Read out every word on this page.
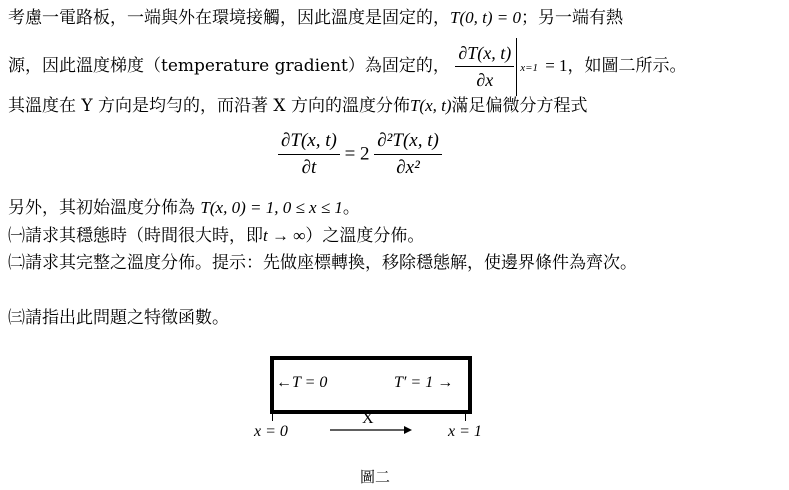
考慮一電路板，一端與外在環境接觸，因此溫度是固定的，T(0, t) = 0；另一端有熱
源，因此溫度梯度（temperature gradient）為固定的， $\frac{\partial T(x, t)}{\partial x} x=1 = 1$，如圖二所示。
其溫度在 Y 方向是均勻的，而沿著 X 方向的溫度分佈T(x, t)滿足偏微分方程式
$\frac{\partial T(x, t)}{\partial t} = 2 \frac{\text{∂²T(x, t)}}{\text{∂x²}}$
另外，其初始溫度分佈為 T(x, 0) = 1, 0 ≤ x ≤ 1。
㈠請求其穩態時（時間很大時，即t → ∞）之溫度分佈。
㈡請求其完整之溫度分佈。提示：先做座標轉換，移除穩態解，使邊界條件為齊次。
㈢請指出此問題之特徵函數。
←T = 0	T′ = 1 →
x = 0	x = 1
X
圖二
